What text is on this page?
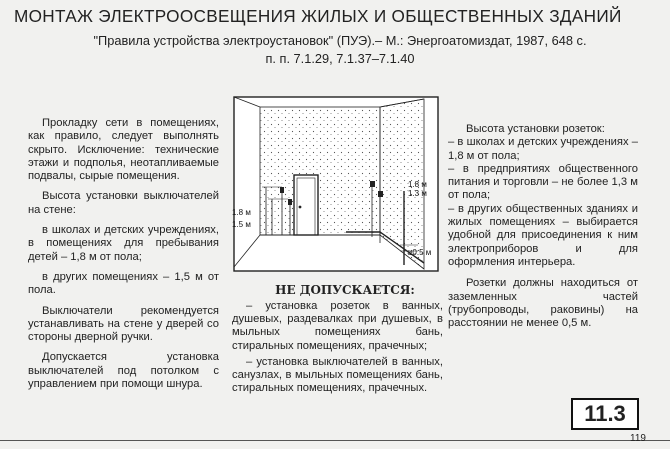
МОНТАЖ ЭЛЕКТРООСВЕЩЕНИЯ ЖИЛЫХ И ОБЩЕСТВЕННЫХ ЗДАНИЙ
"Правила устройства электроустановок" (ПУЭ).– М.: Энергоатомиздат, 1987, 648 с.
п. п. 7.1.29, 7.1.37–7.1.40

Прокладку сети в помещениях, как правило, следует выполнять скрыто. Исключение: технические этажи и подполья, неотапливаемые подвалы, сырые помещения.

Высота установки выключателей на стене:

в школах и детских учреждениях, в помещениях для пребывания детей – 1,8 м от пола;

в других помещениях – 1,5 м от пола.

Выключатели рекомендуется устанавливать на стене у дверей со стороны дверной ручки.

Допускается установка выключателей под потолком с управлением при помощи шнура.

1.8 м
1.5 м
1.8 м
1.3 м
≥0.5 м
НЕ ДОПУСКАЕТСЯ:

– установка розеток в ванных, душевых, раздевалках при душевых, в мыльных помещениях бань, стиральных помещениях, прачечных;

– установка выключателей в ванных, санузлах, в мыльных помещениях бань, стиральных помещениях, прачечных.

Высота установки розеток:

– в школах и детских учреждениях – 1,8 м от пола;

– в предприятиях общественного питания и торговли – не более 1,3 м от пола;

– в других общественных зданиях и жилых помещениях – выбирается удобной для присоединения к ним электроприборов и для оформления интерьера.

Розетки должны находиться от заземленных частей (трубопроводы, раковины) на расстоянии не менее 0,5 м.

11.3
119
